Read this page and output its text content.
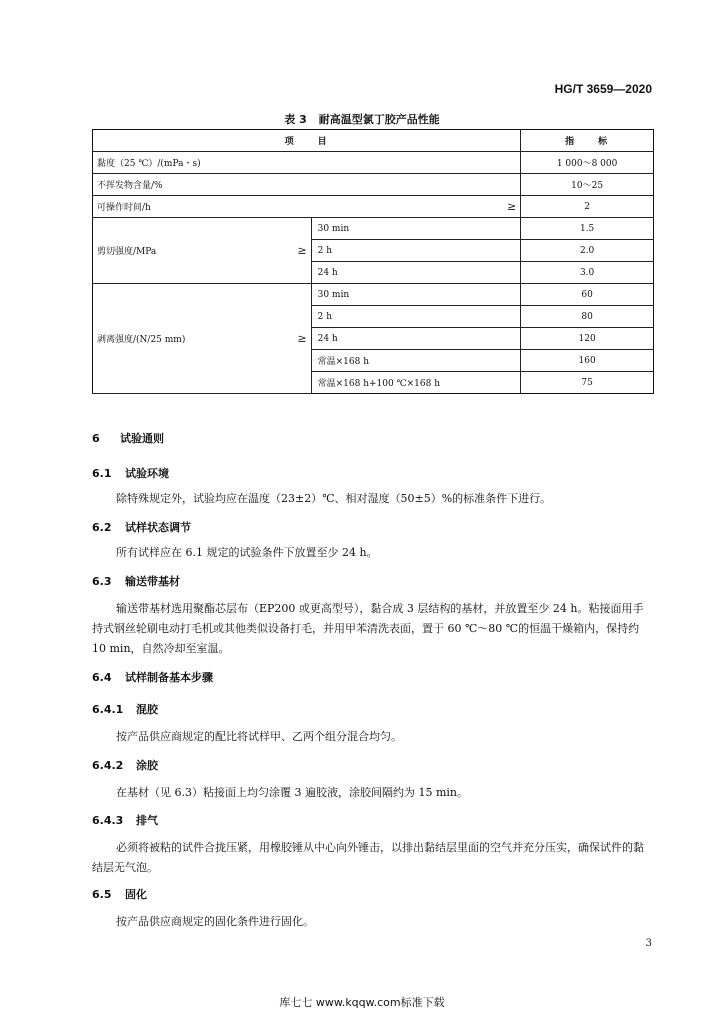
HG/T 3659—2020
表 3 耐高温型氯丁胶产品性能
项　　目		指　　标
黏度（25 ℃）/(mPa・s)		1 000～8 000
不挥发物含量/%		10～25

可操作时间/h ≥		2

剪切强度/MPa ≥	30 min	1.5
	2 h	2.0
	24 h	3.0

剥离强度/(N/25 mm) ≥	30 min	60
	2 h	80
	24 h	120
	常温×168 h	160
	常温×168 h+100 ℃×168 h	75
6 试验通则
6.1 试验环境
除特殊规定外，试验均应在温度（23±2）℃、相对湿度（50±5）%的标准条件下进行。
6.2 试样状态调节
所有试样应在 6.1 规定的试验条件下放置至少 24 h。
6.3 输送带基材
输送带基材选用聚酯芯层布（EP200 或更高型号），黏合成 3 层结构的基材，并放置至少 24 h。粘接面用手持式钢丝轮刷电动打毛机或其他类似设备打毛，并用甲苯清洗表面，置于 60 ℃～80 ℃的恒温干燥箱内，保持约 10 min，自然冷却至室温。
6.4 试样制备基本步骤
6.4.1 混胶
按产品供应商规定的配比将试样甲、乙两个组分混合均匀。
6.4.2 涂胶
在基材（见 6.3）粘接面上均匀涂覆 3 遍胶液，涂胶间隔约为 15 min。
6.4.3 排气
必须将被粘的试件合拢压紧，用橡胶锤从中心向外锤击，以排出黏结层里面的空气并充分压实，确保试件的黏结层无气泡。
6.5 固化
按产品供应商规定的固化条件进行固化。
3
库七七 www.kqqw.com标准下载
